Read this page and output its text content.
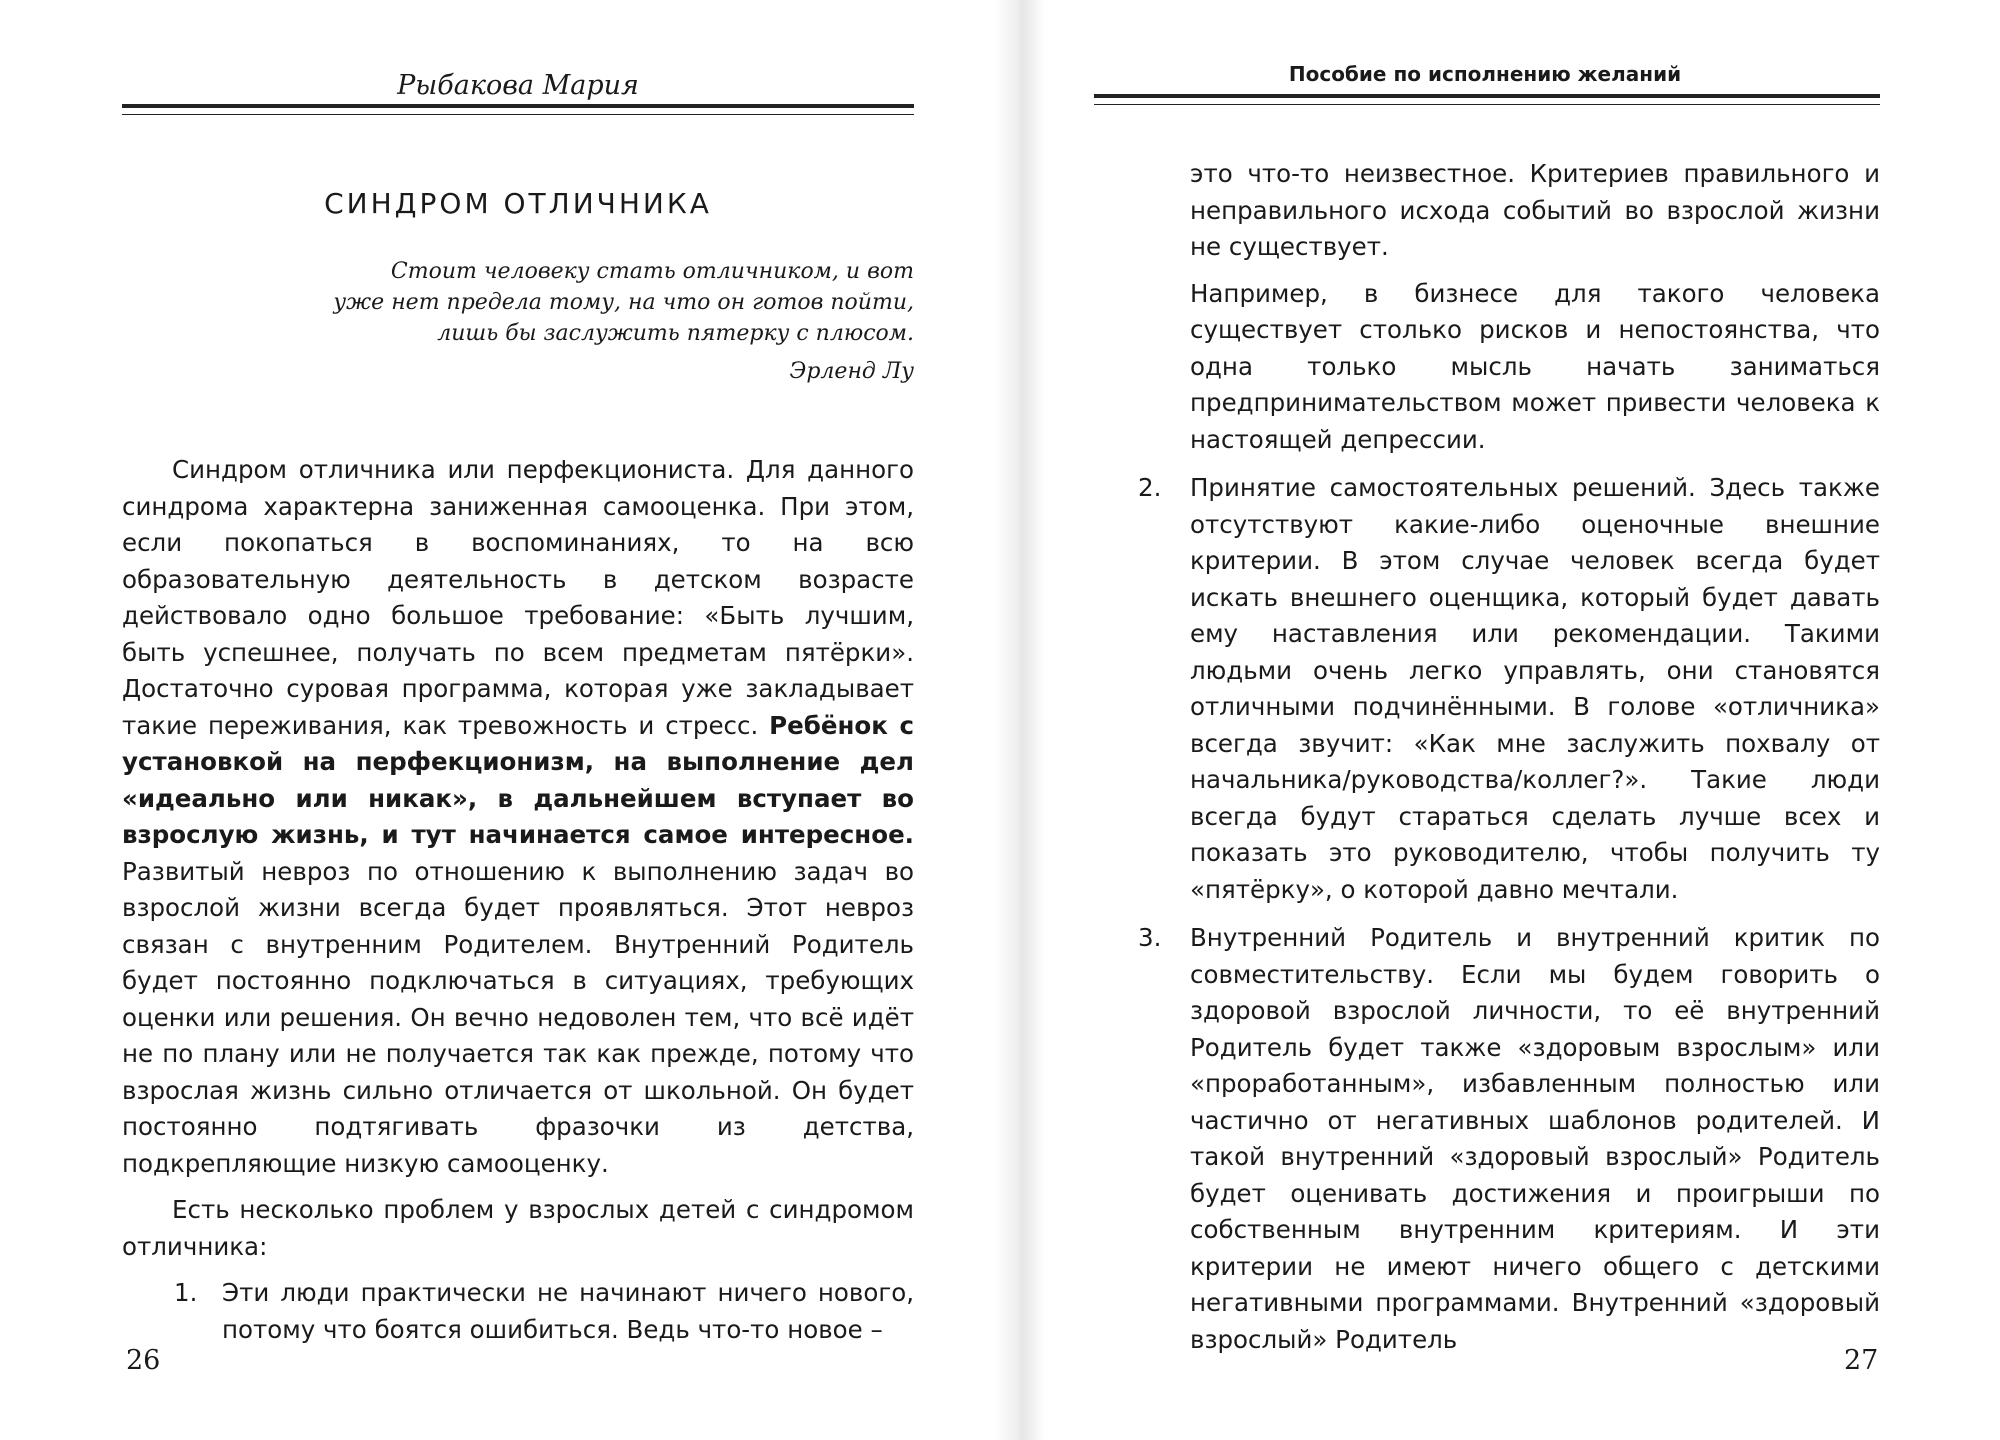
Рыбакова Мария
СИНДРОМ ОТЛИЧНИКА
Стоит человеку стать отличником, и вот
уже нет предела тому, на что он готов пойти,
лишь бы заслужить пятерку с плюсом.
Эрленд Лу

Синдром отличника или перфекциониста. Для данного синдрома характерна заниженная самооценка. При этом, если покопаться в воспоминаниях, то на всю образовательную деятельность в детском возрасте действовало одно большое требование: «Быть лучшим, быть успешнее, получать по всем предметам пятёрки». Достаточно суровая программа, которая уже закладывает такие переживания, как тревожность и стресс. Ребёнок с установкой на перфекционизм, на выполнение дел «идеально или никак», в дальнейшем вступает во взрослую жизнь, и тут начинается самое интересное. Развитый невроз по отношению к выполнению задач во взрослой жизни всегда будет проявляться. Этот невроз связан с внутренним Родителем. Внутренний Родитель будет постоянно подключаться в ситуациях, требующих оценки или решения. Он вечно недоволен тем, что всё идёт не по плану или не получается так как прежде, потому что взрослая жизнь сильно отличается от школьной. Он будет постоянно подтягивать фразочки из детства, подкрепляющие низкую самооценку.

Есть несколько проблем у взрослых детей с синдромом отличника:

1. Эти люди практически не начинают ничего нового, потому что боятся ошибиться. Ведь что-то новое –
26
Пособие по исполнению желаний

это что-то неизвестное. Критериев правильного и неправильного исхода событий во взрослой жизни не существует.

Например, в бизнесе для такого человека существует столько рисков и непостоянства, что одна только мысль начать заниматься предпринимательством может привести человека к настоящей депрессии.

2. Принятие самостоятельных решений. Здесь также отсутствуют какие-либо оценочные внешние критерии. В этом случае человек всегда будет искать внешнего оценщика, который будет давать ему наставления или рекомендации. Такими людьми очень легко управлять, они становятся отличными подчинёнными. В голове «отличника» всегда звучит: «Как мне заслужить похвалу от начальника/руководства/коллег?». Такие люди всегда будут стараться сделать лучше всех и показать это руководителю, чтобы получить ту «пятёрку», о которой давно мечтали.
3. Внутренний Родитель и внутренний критик по совместительству. Если мы будем говорить о здоровой взрослой личности, то её внутренний Родитель будет также «здоровым взрослым» или «проработанным», избавленным полностью или частично от негативных шаблонов родителей. И такой внутренний «здоровый взрослый» Родитель будет оценивать достижения и проигрыши по собственным внутренним критериям. И эти критерии не имеют ничего общего с детскими негативными программами. Внутренний «здоровый взрослый» Родитель
27
